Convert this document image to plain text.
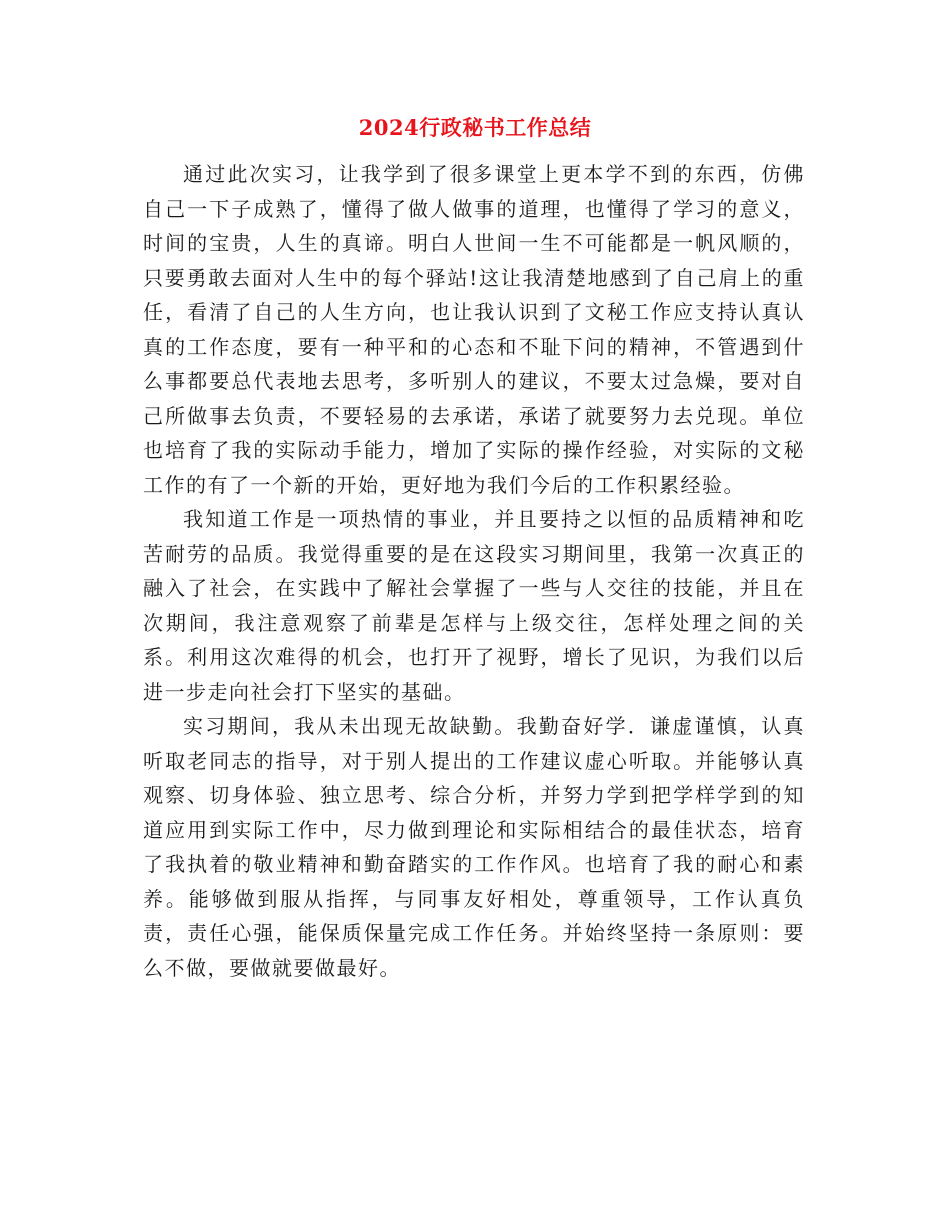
2024行政秘书工作总结

通过此次实习，让我学到了很多课堂上更本学不到的东西，仿佛自己一下子成熟了，懂得了做人做事的道理，也懂得了学习的意义，时间的宝贵，人生的真谛。明白人世间一生不可能都是一帆风顺的，只要勇敢去面对人生中的每个驿站!这让我清楚地感到了自己肩上的重任，看清了自己的人生方向，也让我认识到了文秘工作应支持认真认真的工作态度，要有一种平和的心态和不耻下问的精神，不管遇到什么事都要总代表地去思考，多听别人的建议，不要太过急燥，要对自己所做事去负责，不要轻易的去承诺，承诺了就要努力去兑现。单位也培育了我的实际动手能力，增加了实际的操作经验，对实际的文秘工作的有了一个新的开始，更好地为我们今后的工作积累经验。

我知道工作是一项热情的事业，并且要持之以恒的品质精神和吃苦耐劳的品质。我觉得重要的是在这段实习期间里，我第一次真正的融入了社会，在实践中了解社会掌握了一些与人交往的技能，并且在次期间，我注意观察了前辈是怎样与上级交往，怎样处理之间的关系。利用这次难得的机会，也打开了视野，增长了见识，为我们以后进一步走向社会打下坚实的基础。

实习期间，我从未出现无故缺勤。我勤奋好学．谦虚谨慎，认真听取老同志的指导，对于别人提出的工作建议虚心听取。并能够认真观察、切身体验、独立思考、综合分析，并努力学到把学样学到的知道应用到实际工作中，尽力做到理论和实际相结合的最佳状态，培育了我执着的敬业精神和勤奋踏实的工作作风。也培育了我的耐心和素养。能够做到服从指挥，与同事友好相处，尊重领导，工作认真负责，责任心强，能保质保量完成工作任务。并始终坚持一条原则：要么不做，要做就要做最好。
